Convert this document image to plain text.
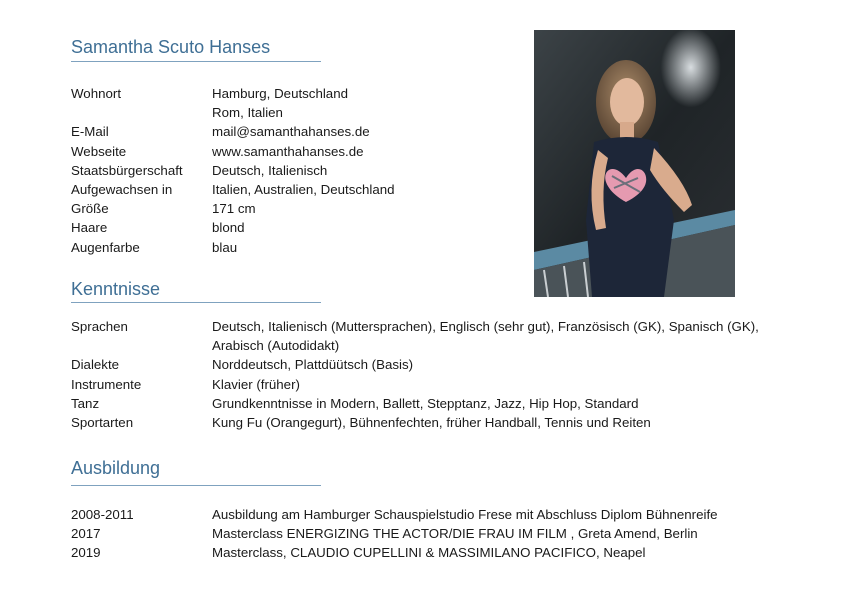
Samantha Scuto Hanses
Wohnort	Hamburg, Deutschland
	Rom, Italien
E-Mail	mail@samanthahanses.de
Webseite	www.samanthahanses.de
Staatsbürgerschaft	Deutsch, Italienisch
Aufgewachsen in	Italien, Australien, Deutschland
Größe	171 cm
Haare	blond
Augenfarbe	blau
Kenntnisse
Sprachen	Deutsch, Italienisch (Muttersprachen), Englisch (sehr gut), Französisch (GK), Spanisch (GK), Arabisch (Autodidakt)
Dialekte	Norddeutsch, Plattdüütsch (Basis)
Instrumente	Klavier (früher)
Tanz	Grundkenntnisse in Modern, Ballett, Stepptanz, Jazz, Hip Hop, Standard
Sportarten	Kung Fu (Orangegurt), Bühnenfechten, früher Handball, Tennis und Reiten
Ausbildung
2008-2011	Ausbildung am Hamburger Schauspielstudio Frese mit Abschluss Diplom Bühnenreife
2017	Masterclass ENERGIZING THE ACTOR/DIE FRAU IM FILM , Greta Amend, Berlin
2019	Masterclass, CLAUDIO CUPELLINI & MASSIMILANO PACIFICO, Neapel
